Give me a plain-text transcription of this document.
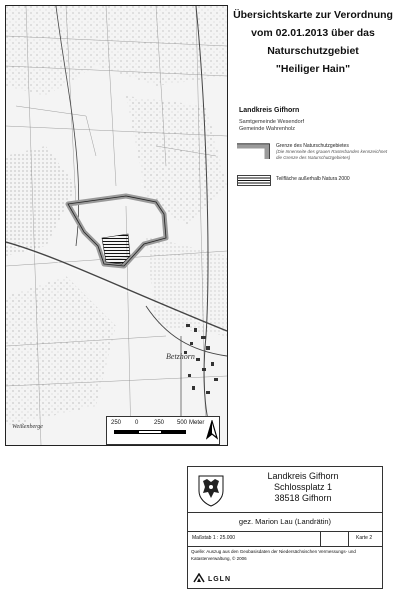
Betzhorn
Weißenberge
250 0	250 500 Meter
Übersichtskarte zur Verordnung
vom 02.01.2013 über das
Naturschutzgebiet
"Heiliger Hain"
Landkreis Gifhorn
Samtgemeinde Wesendorf
Gemeinde Wahrenholz
Grenze des Naturschutzgebietes
(Die Innenseite des grauen Rasterbandes kennzeichnet die Grenze des Naturschutzgebietes)
Teilfläche außerhalb Natura 2000
Landkreis Gifhorn
Schlossplatz 1
38518 Gifhorn
gez. Marion Lau (Landrätin)
Maßstab 1 : 25.000	Karte 2
Quelle: Auszug aus den Geobasisdaten der Niedersächsischen Vermessungs- und Katasterverwaltung, © 2006
LGLN
